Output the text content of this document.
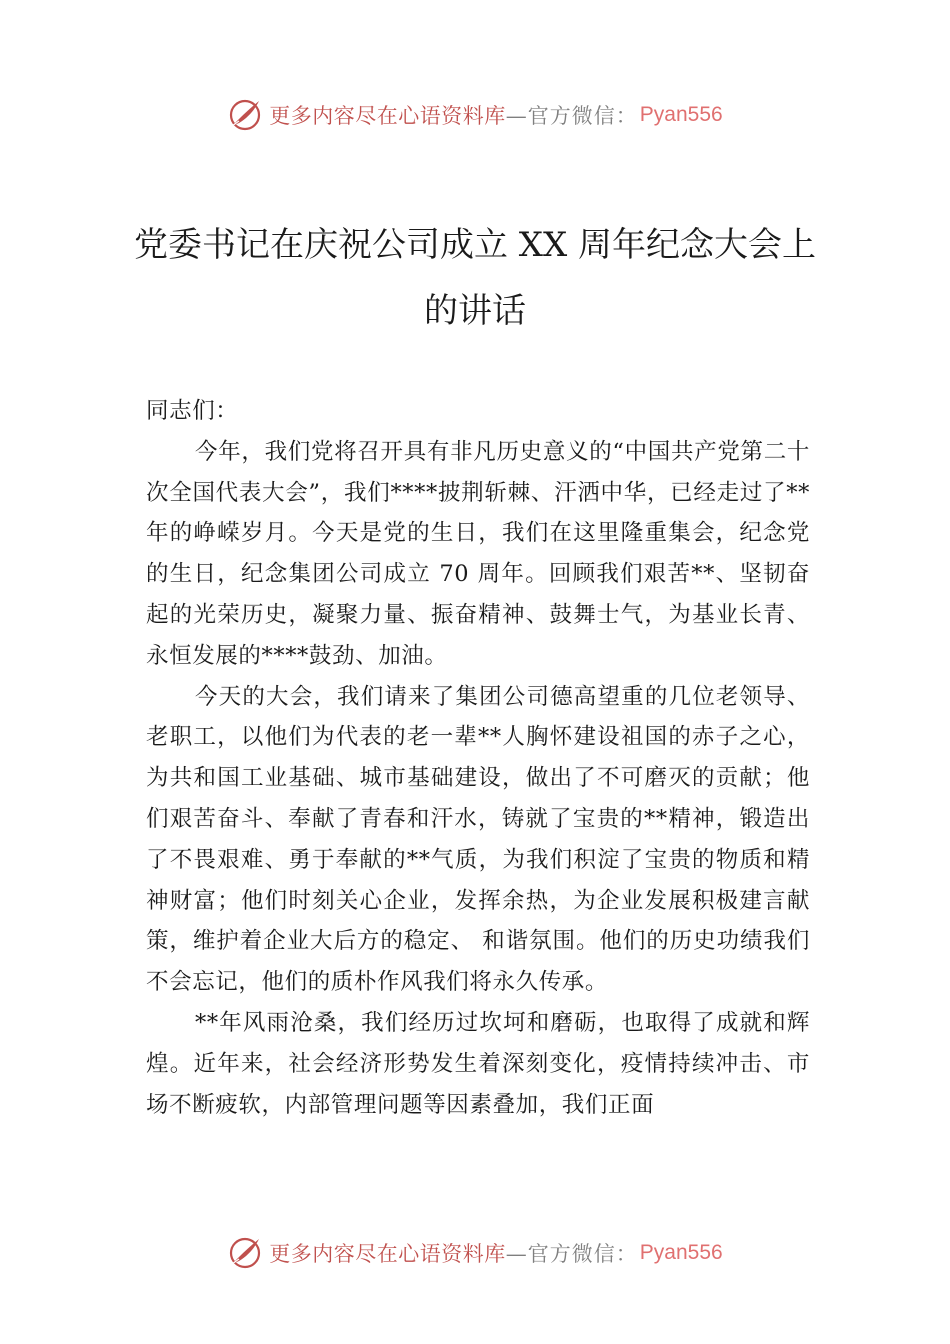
更多内容尽在心语资料库 —官方微信： Pyan556
党委书记在庆祝公司成立 XX 周年纪念大会上的讲话

同志们：

今年，我们党将召开具有非凡历史意义的“中国共产党第二十次全国代表大会”，我们****披荆斩棘、汗洒中华，已经走过了**年的峥嵘岁月。今天是党的生日，我们在这里隆重集会，纪念党的生日，纪念集团公司成立 70 周年。回顾我们艰苦**、坚韧奋起的光荣历史，凝聚力量、振奋精神、鼓舞士气，为基业长青、永恒发展的****鼓劲、加油。

今天的大会，我们请来了集团公司德高望重的几位老领导、老职工，以他们为代表的老一辈**人胸怀建设祖国的赤子之心，为共和国工业基础、城市基础建设，做出了不可磨灭的贡献；他们艰苦奋斗、奉献了青春和汗水，铸就了宝贵的**精神，锻造出了不畏艰难、勇于奉献的**气质，为我们积淀了宝贵的物质和精神财富；他们时刻关心企业，发挥余热，为企业发展积极建言献策，维护着企业大后方的稳定、 和谐氛围。他们的历史功绩我们不会忘记，他们的质朴作风我们将永久传承。

**年风雨沧桑，我们经历过坎坷和磨砺，也取得了成就和辉煌。近年来，社会经济形势发生着深刻变化，疫情持续冲击、市场不断疲软，内部管理问题等因素叠加，我们正面

更多内容尽在心语资料库 —官方微信： Pyan556
